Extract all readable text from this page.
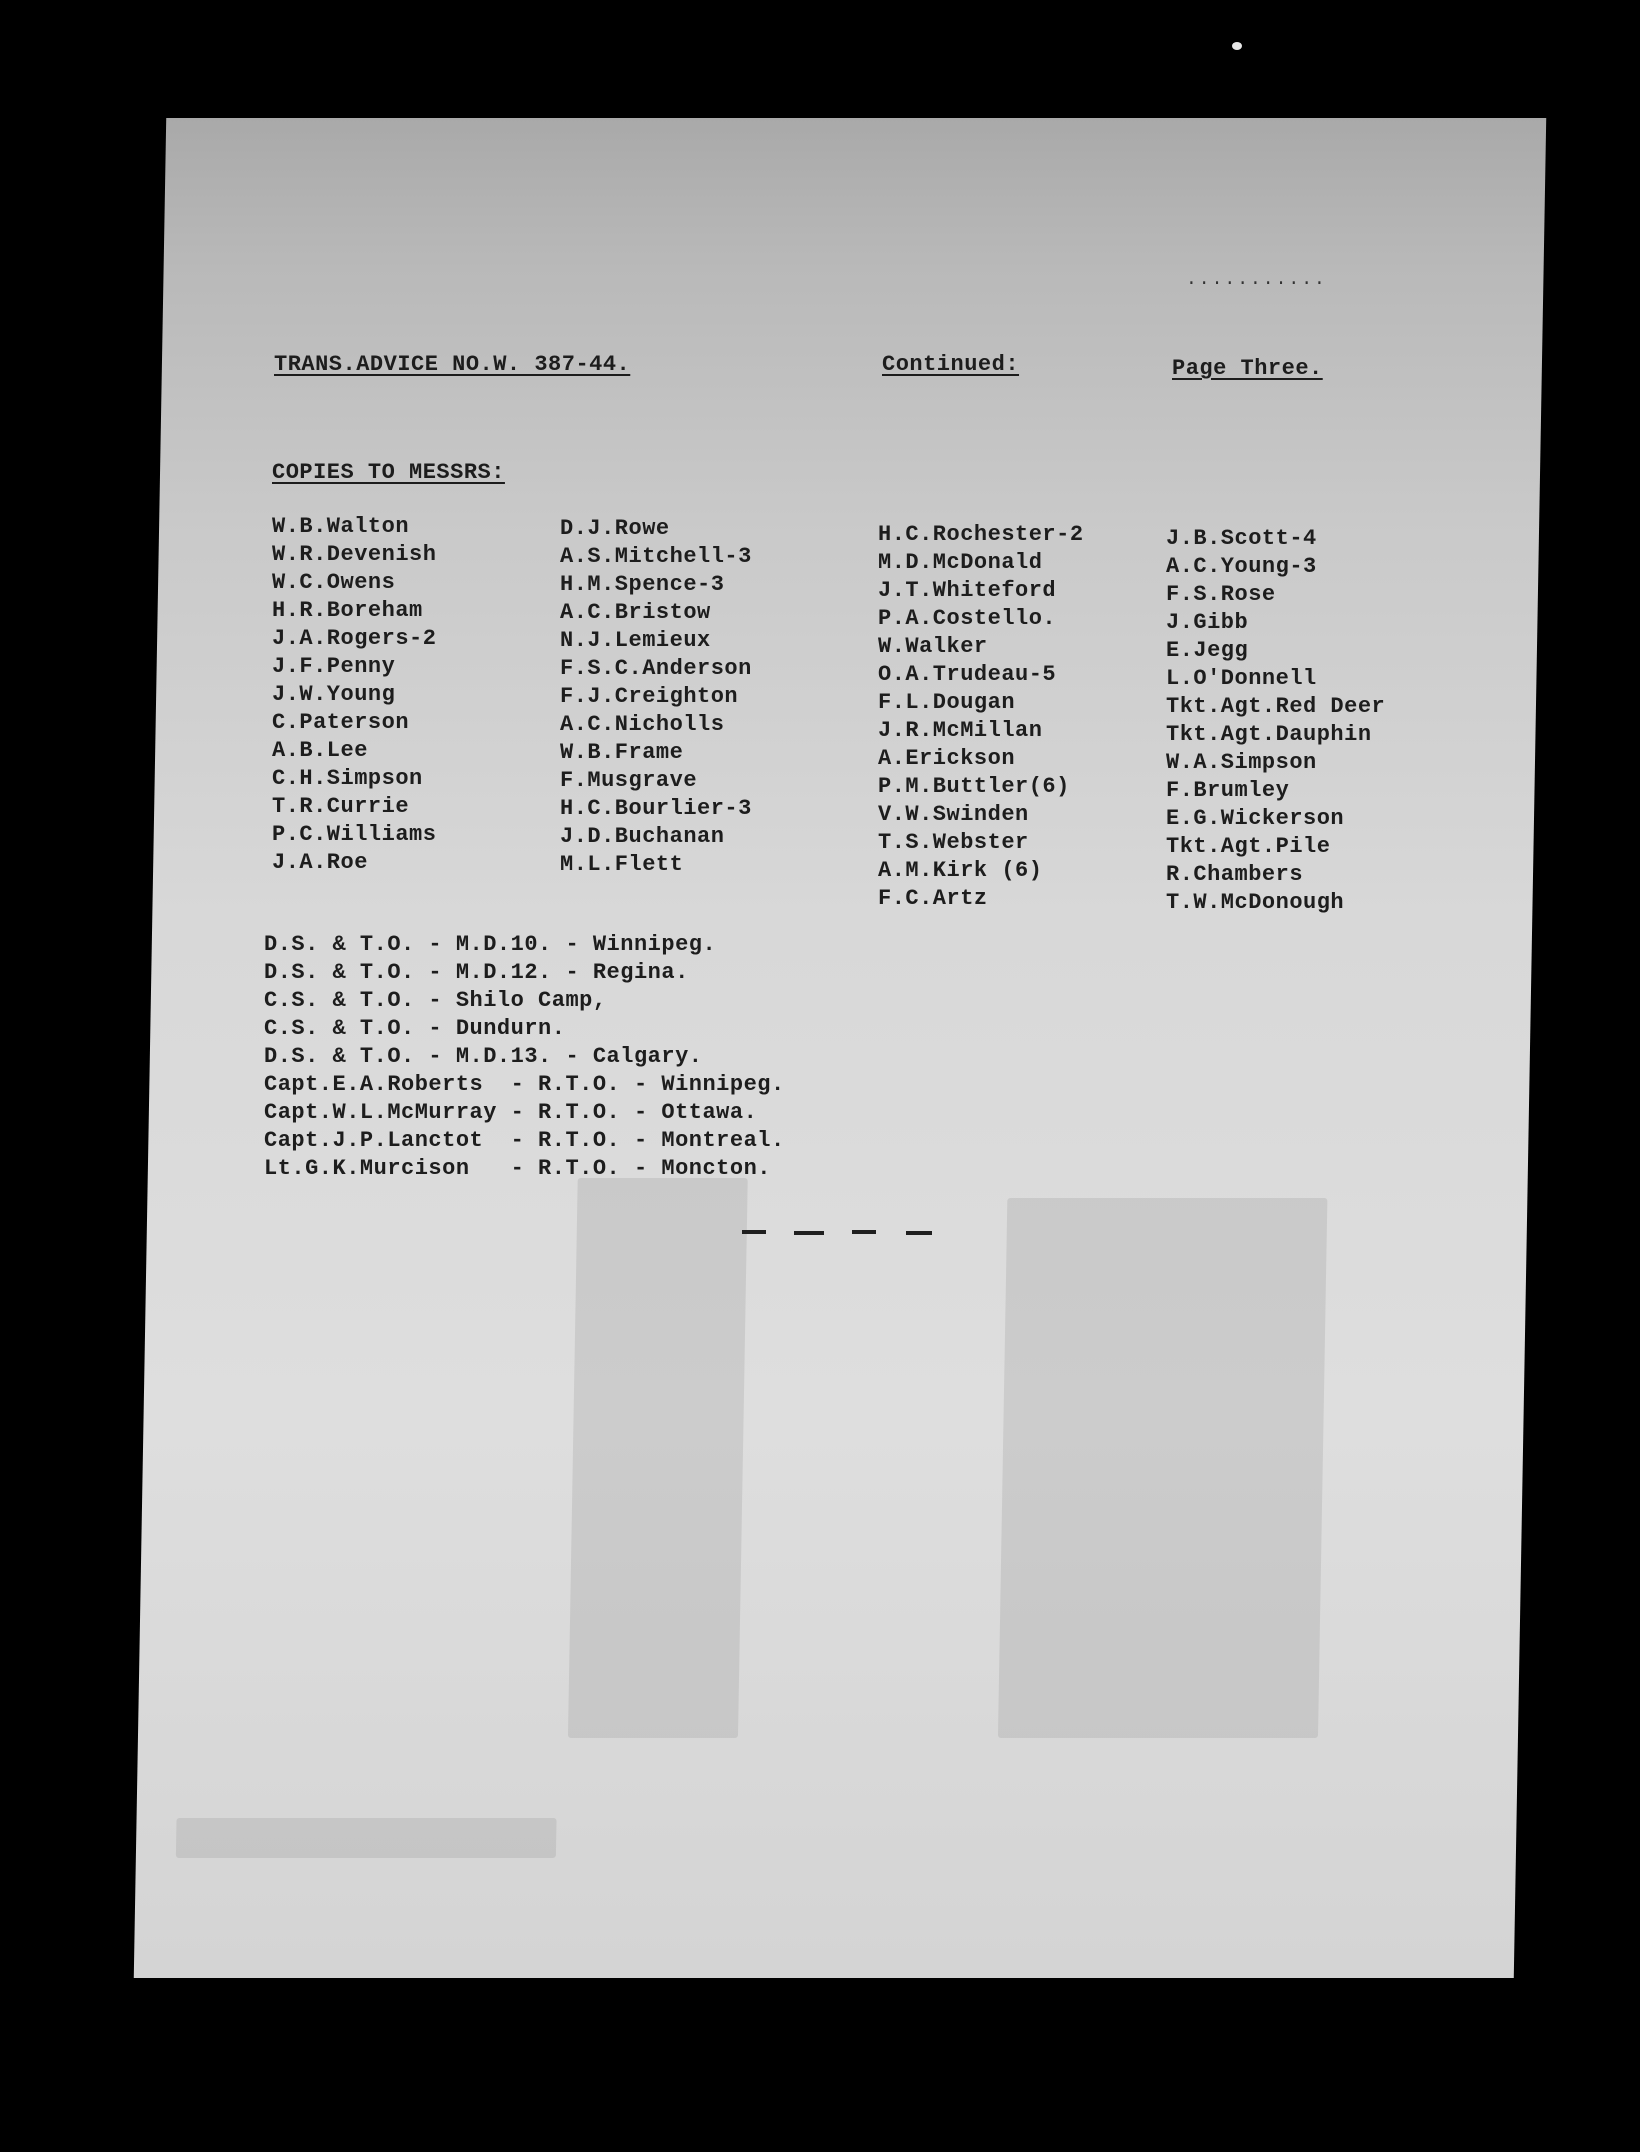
...........
TRANS.ADVICE NO.W. 387-44.	Continued:	Page Three.
COPIES TO MESSRS:
W.B.Walton
W.R.Devenish
W.C.Owens
H.R.Boreham
J.A.Rogers-2
J.F.Penny
J.W.Young
C.Paterson
A.B.Lee
C.H.Simpson
T.R.Currie
P.C.Williams
J.A.Roe
D.J.Rowe
A.S.Mitchell-3
H.M.Spence-3
A.C.Bristow
N.J.Lemieux
F.S.C.Anderson
F.J.Creighton
A.C.Nicholls
W.B.Frame
F.Musgrave
H.C.Bourlier-3
J.D.Buchanan
M.L.Flett
H.C.Rochester-2
M.D.McDonald
J.T.Whiteford
P.A.Costello.
W.Walker
O.A.Trudeau-5
F.L.Dougan
J.R.McMillan
A.Erickson
P.M.Buttler(6)
V.W.Swinden
T.S.Webster
A.M.Kirk (6)
F.C.Artz
J.B.Scott-4
A.C.Young-3
F.S.Rose
J.Gibb
E.Jegg
L.O'Donnell
Tkt.Agt.Red Deer
Tkt.Agt.Dauphin
W.A.Simpson
F.Brumley
E.G.Wickerson
Tkt.Agt.Pile
R.Chambers
T.W.McDonough
D.S. & T.O. - M.D.10. - Winnipeg.
D.S. & T.O. - M.D.12. - Regina.
C.S. & T.O. - Shilo Camp,
C.S. & T.O. - Dundurn.
D.S. & T.O. - M.D.13. - Calgary.
Capt.E.A.Roberts  - R.T.O. - Winnipeg.
Capt.W.L.McMurray - R.T.O. - Ottawa.
Capt.J.P.Lanctot  - R.T.O. - Montreal.
Lt.G.K.Murcison   - R.T.O. - Moncton.
